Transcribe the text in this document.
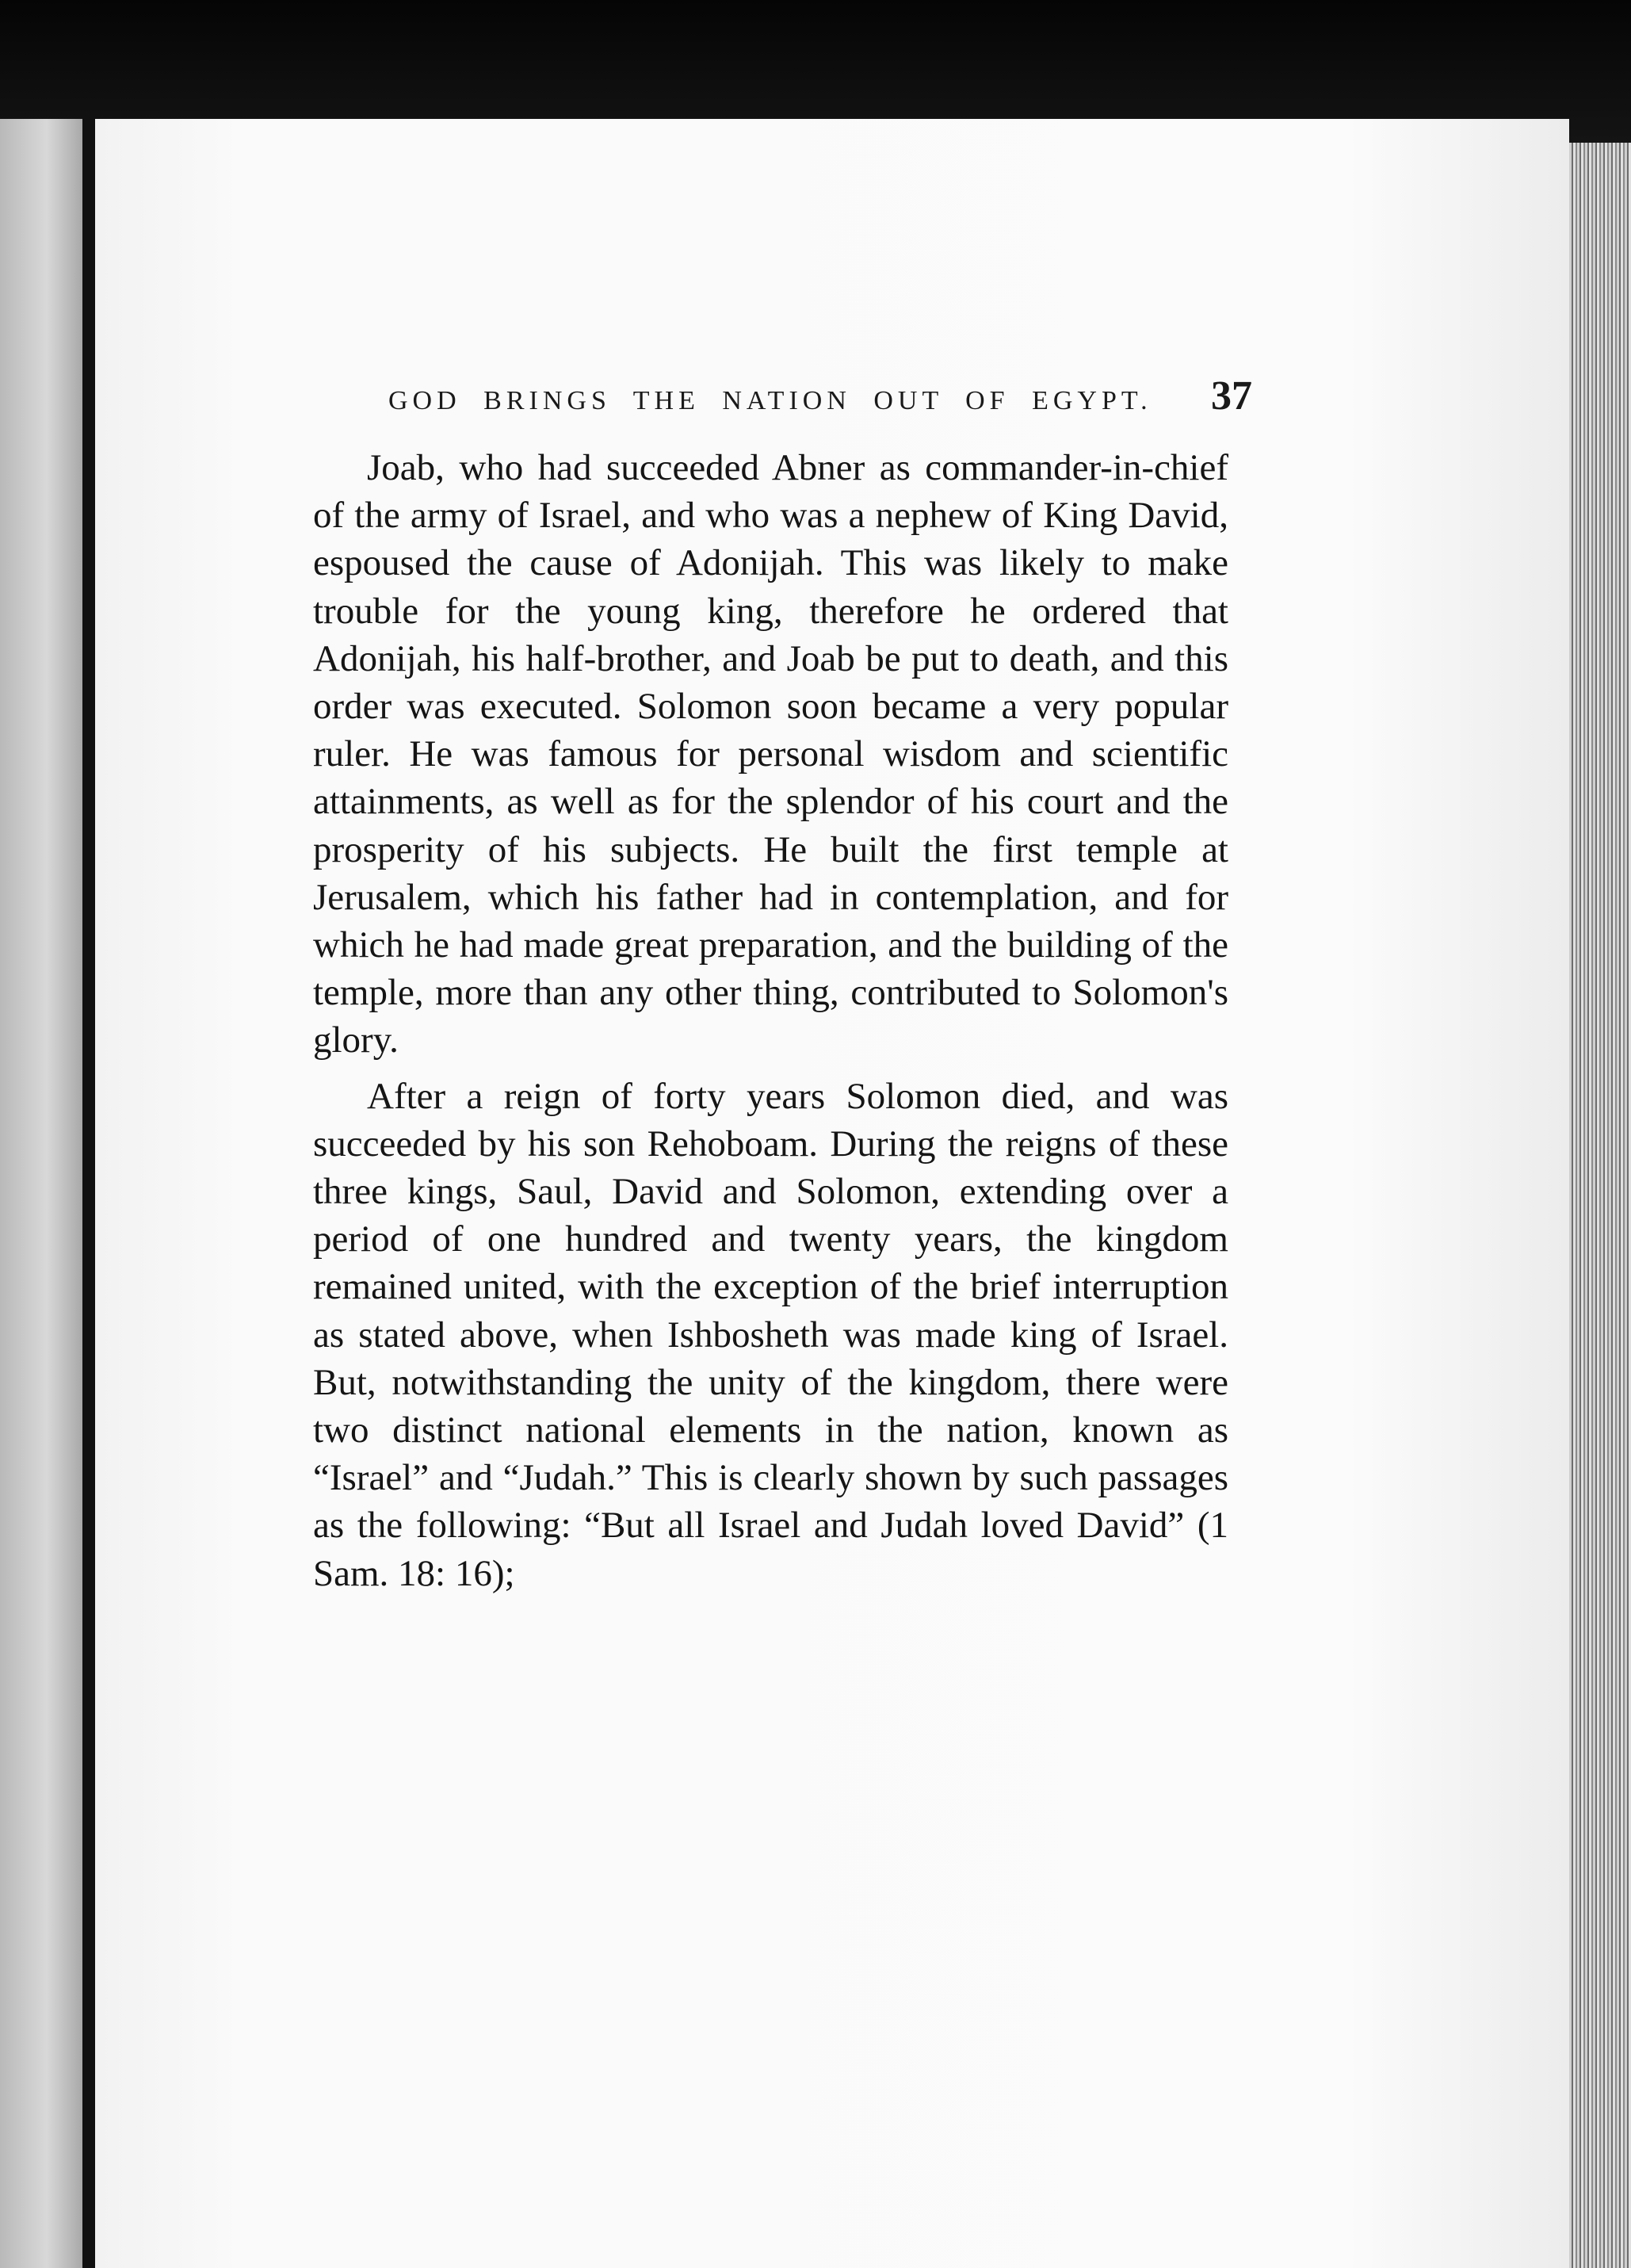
GOD BRINGS THE NATION OUT OF EGYPT. 37

Joab, who had succeeded Abner as commander-in-chief of the army of Israel, and who was a nephew of King David, espoused the cause of Adonijah. This was likely to make trouble for the young king, therefore he ordered that Adonijah, his half-brother, and Joab be put to death, and this order was executed. Solomon soon became a very popular ruler. He was famous for personal wisdom and scientific attainments, as well as for the splendor of his court and the prosperity of his subjects. He built the first temple at Jerusalem, which his father had in contemplation, and for which he had made great preparation, and the building of the temple, more than any other thing, contributed to Solomon's glory.

After a reign of forty years Solomon died, and was succeeded by his son Rehoboam. During the reigns of these three kings, Saul, David and Solomon, extending over a period of one hundred and twenty years, the kingdom remained united, with the exception of the brief interruption as stated above, when Ishbosheth was made king of Israel. But, notwithstanding the unity of the kingdom, there were two distinct national elements in the nation, known as “Israel” and “Judah.” This is clearly shown by such passages as the following: “But all Israel and Judah loved David” (1 Sam. 18: 16);
